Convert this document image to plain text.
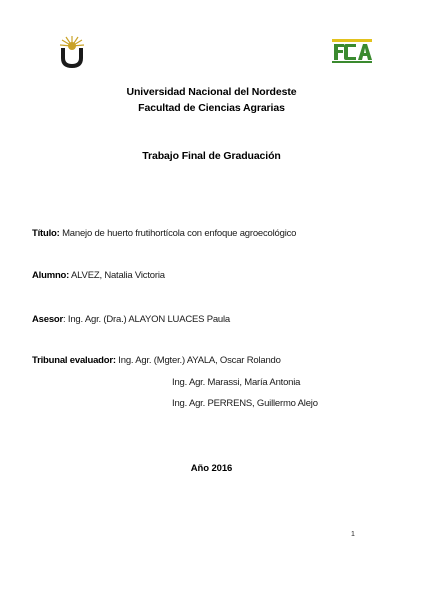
Universidad Nacional del Nordeste
Facultad de Ciencias Agrarias
Trabajo Final de Graduación
Título: Manejo de huerto frutihortícola con enfoque agroecológico
Alumno: ALVEZ, Natalia Victoria
Asesor: Ing. Agr. (Dra.) ALAYON LUACES Paula
Tribunal evaluador: Ing. Agr. (Mgter.) AYALA, Oscar Rolando
Ing. Agr. Marassi, María Antonia
Ing. Agr. PERRENS, Guillermo Alejo
Año 2016
1
